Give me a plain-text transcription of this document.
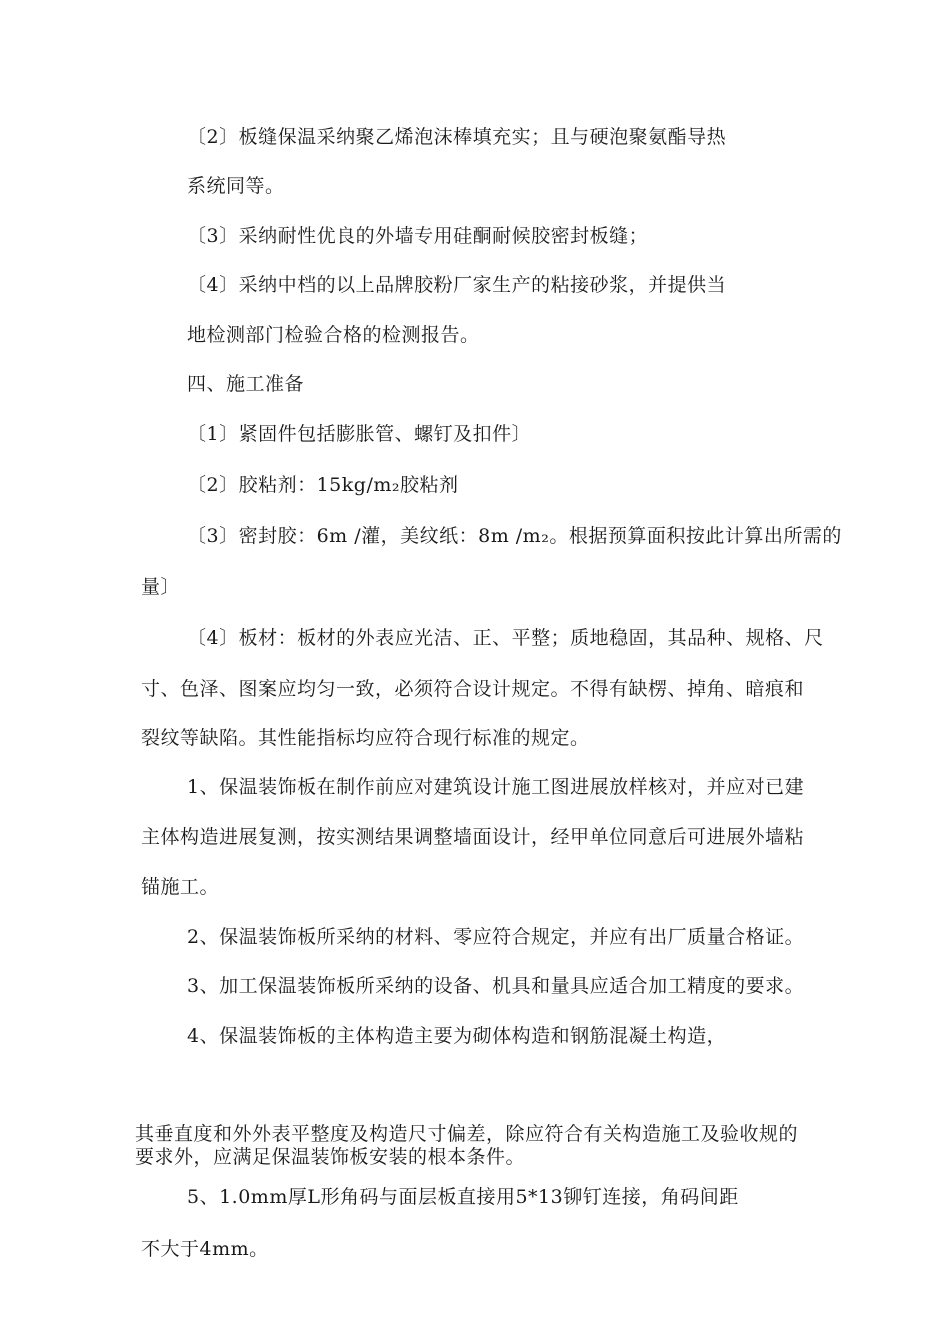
〔2〕板缝保温采纳聚乙烯泡沫棒填充实；且与硬泡聚氨酯导热
系统同等。
〔3〕采纳耐性优良的外墙专用硅酮耐候胶密封板缝；
〔4〕采纳中档的以上品牌胶粉厂家生产的粘接砂浆，并提供当
地检测部门检验合格的检测报告。
四、施工准备
〔1〕紧固件包括膨胀管、螺钉及扣件〕
〔2〕胶粘剂：15kg/m₂胶粘剂
〔3〕密封胶：6m /灌，美纹纸：8m /m₂。根据预算面积按此计算出所需的
量〕
〔4〕板材：板材的外表应光洁、正、平整；质地稳固，其品种、规格、尺
寸、色泽、图案应均匀一致，必须符合设计规定。不得有缺楞、掉角、暗痕和
裂纹等缺陷。其性能指标均应符合现行标准的规定。
1、保温装饰板在制作前应对建筑设计施工图进展放样核对，并应对已建
主体构造进展复测，按实测结果调整墙面设计，经甲单位同意后可进展外墙粘
锚施工。
2、保温装饰板所采纳的材料、零应符合规定，并应有出厂质量合格证。
3、加工保温装饰板所采纳的设备、机具和量具应适合加工精度的要求。
4、保温装饰板的主体构造主要为砌体构造和钢筋混凝土构造，
其垂直度和外外表平整度及构造尺寸偏差，除应符合有关构造施工及验收规的
要求外，应满足保温装饰板安装的根本条件。
5、1.0mm厚L形角码与面层板直接用5*13铆钉连接，角码间距
不大于4mm。
